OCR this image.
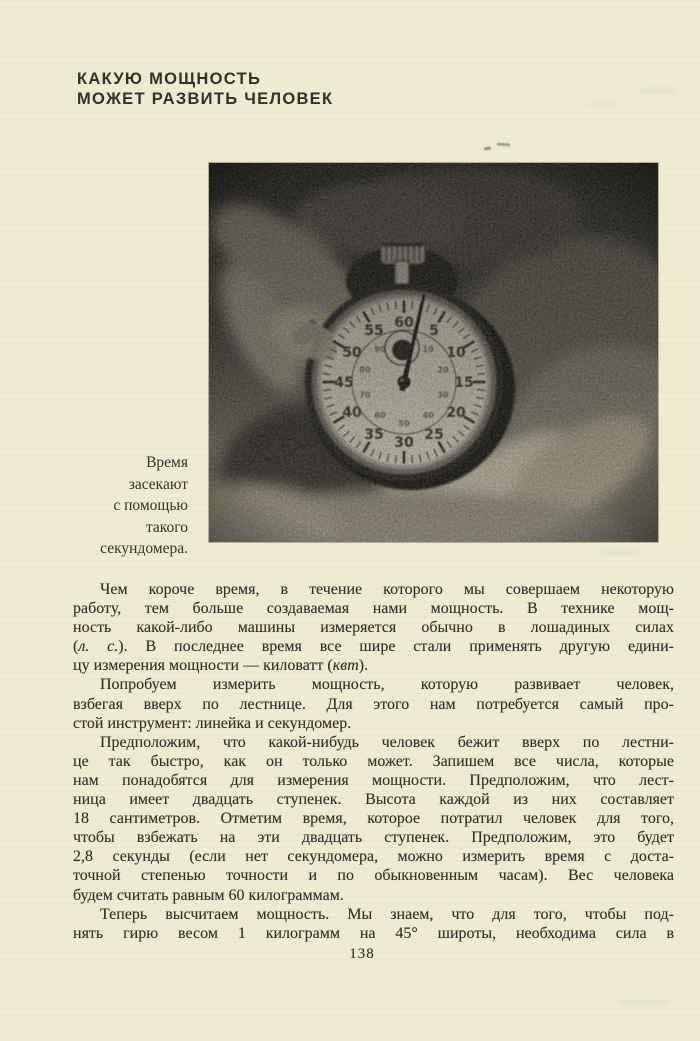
КАКУЮ МОЩНОСТЬ
МОЖЕТ РАЗВИТЬ ЧЕЛОВЕК
Время
засекают
с помощью
такого
секундомера.
Чем короче время, в течение которого мы совершаем некоторую
работу, тем больше создаваемая нами мощность. В технике мощ-
ность какой-либо машины измеряется обычно в лошадиных силах
(л. с.). В последнее время все шире стали применять другую едини-
цу измерения мощности — киловатт (квт).
Попробуем измерить мощность, которую развивает человек,
взбегая вверх по лестнице. Для этого нам потребуется самый про-
стой инструмент: линейка и секундомер.
Предположим, что какой-нибудь человек бежит вверх по лестни-
це так быстро, как он только может. Запишем все числа, которые
нам понадобятся для измерения мощности. Предположим, что лест-
ница имеет двадцать ступенек. Высота каждой из них составляет
18 сантиметров. Отметим время, которое потратил человек для того,
чтобы взбежать на эти двадцать ступенек. Предположим, это будет
2,8 секунды (если нет секундомера, можно измерить время с доста-
точной степенью точности и по обыкновенным часам). Вес человека
будем считать равным 60 килограммам.
Теперь высчитаем мощность. Мы знаем, что для того, чтобы под-
нять гирю весом 1 килограмм на 45° широты, необходима сила в
138
